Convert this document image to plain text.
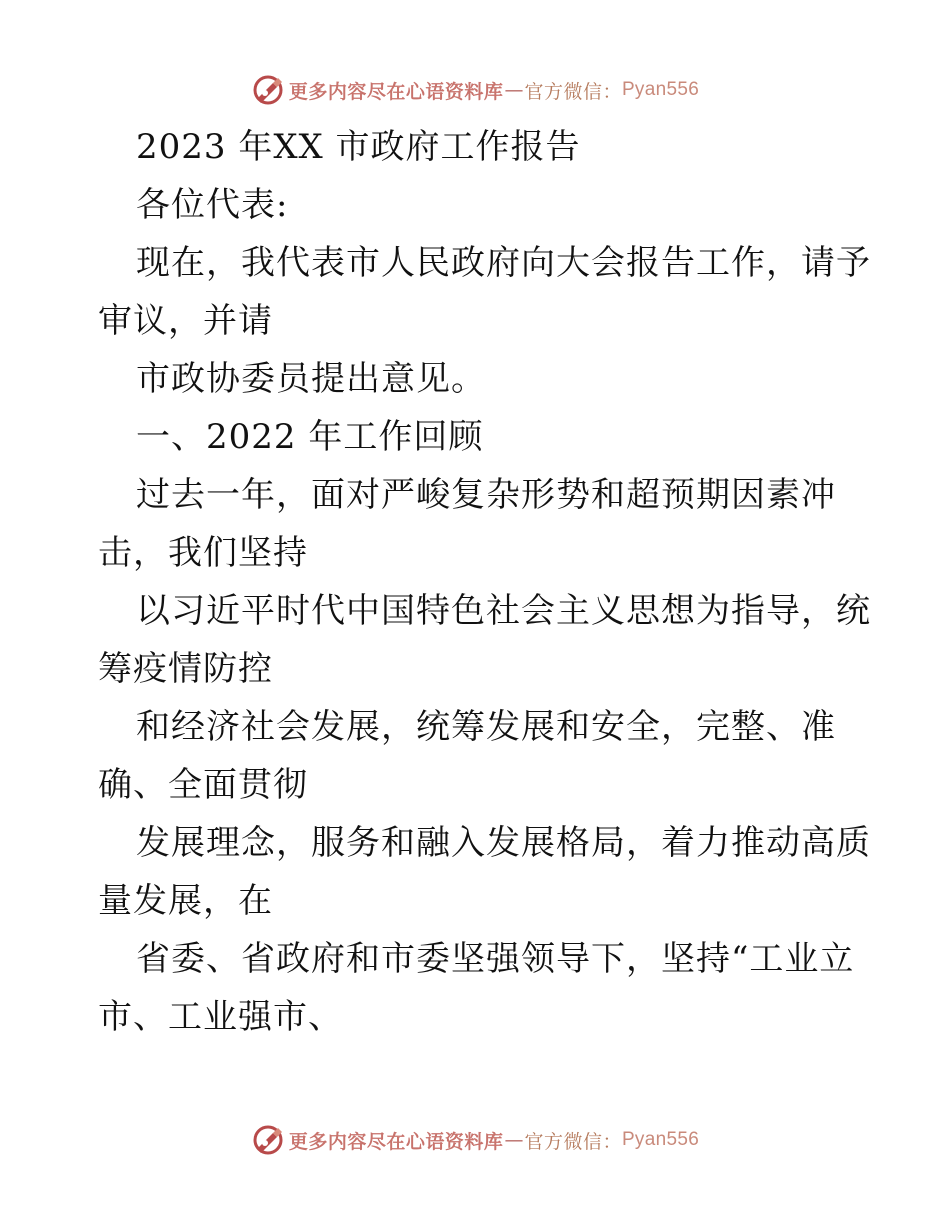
更多内容尽在心语资料库 — 官方微信： Pyan556
2023 年XX 市政府工作报告
各位代表:
现在，我代表市人民政府向大会报告工作，请予
审议，并请
市政协委员提出意见。
一、2022 年工作回顾
过去一年，面对严峻复杂形势和超预期因素冲
击，我们坚持
以习近平时代中国特色社会主义思想为指导，统
筹疫情防控
和经济社会发展，统筹发展和安全，完整、准
确、全面贯彻
发展理念，服务和融入发展格局，着力推动高质
量发展，在
省委、省政府和市委坚强领导下，坚持“工业立
市、工业强市、
更多内容尽在心语资料库 — 官方微信： Pyan556
